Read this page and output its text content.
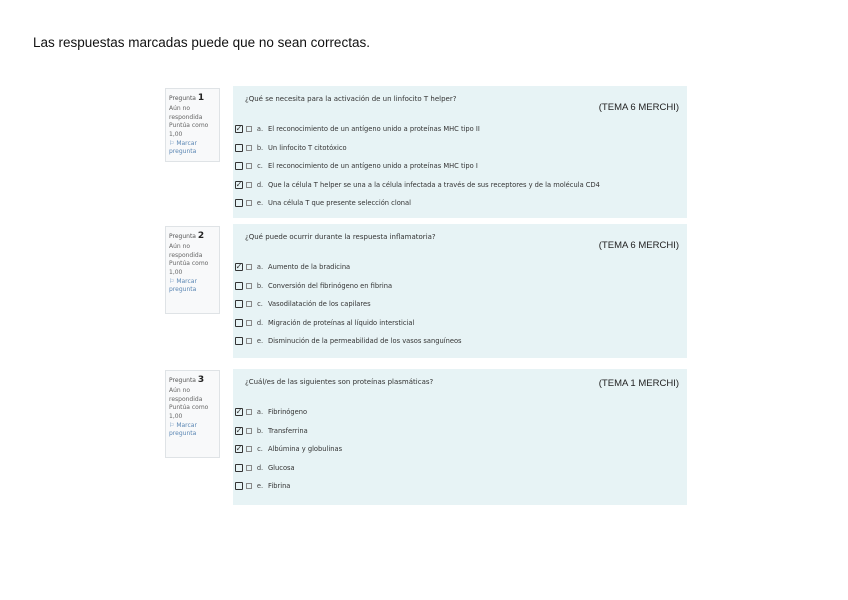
Las respuestas marcadas puede que no sean correctas.
Pregunta 1
Aún no respondida
Puntúa como 1,00
⚐ Marcar pregunta
¿Qué se necesita para la activación de un linfocito T helper?
(TEMA 6 MERCHI)
✓	a. El reconocimiento de un antígeno unido a proteínas MHC tipo II
b. Un linfocito T citotóxico
c. El reconocimiento de un antígeno unido a proteínas MHC tipo I
✓	d. Que la célula T helper se una a la célula infectada a través de sus receptores y de la molécula CD4
e. Una célula T que presente selección clonal
Pregunta 2
Aún no respondida
Puntúa como 1,00
⚐ Marcar pregunta
¿Qué puede ocurrir durante la respuesta inflamatoria?
(TEMA 6 MERCHI)
✓	a. Aumento de la bradicina
b. Conversión del fibrinógeno en fibrina
c. Vasodilatación de los capilares
d. Migración de proteínas al líquido intersticial
e. Disminución de la permeabilidad de los vasos sanguíneos
Pregunta 3
Aún no respondida
Puntúa como 1,00
⚐ Marcar pregunta
¿Cuál/es de las siguientes son proteínas plasmáticas?	(TEMA 1 MERCHI)
✓	a. Fibrinógeno
✓	b. Transferrina
✓	c. Albúmina y globulinas
d. Glucosa
e. Fibrina
